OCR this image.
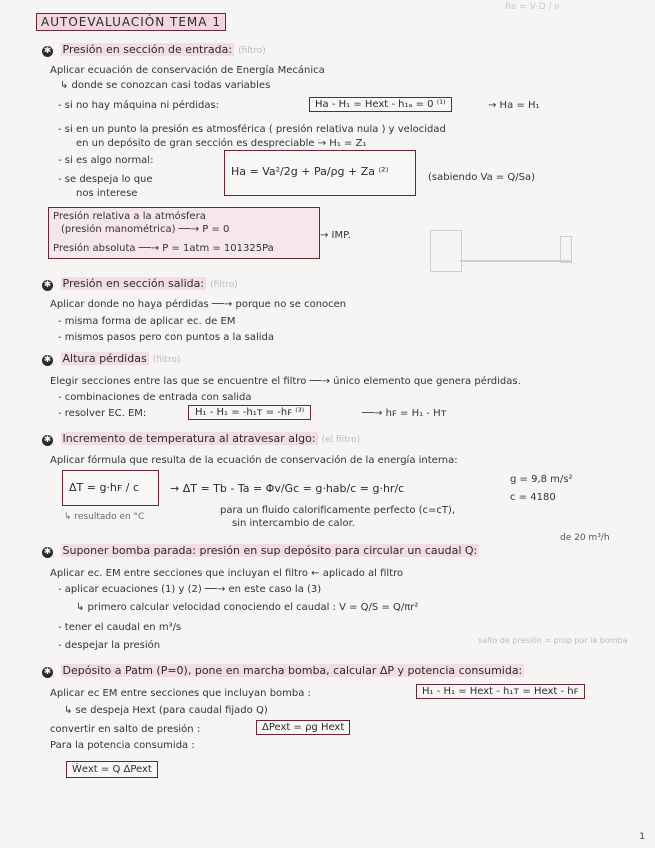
Re = V·D / ν
AUTOEVALUACIÓN TEMA 1
✱ Presión en sección de entrada: (filtro)
Aplicar ecuación de conservación de Energía Mecánica
↳ donde se conozcan casi todas variables
- si no hay máquina ni pérdidas:	Ha - H₁ = Hext - h₁ₐ = 0 ⁽¹⁾	→ Ha = H₁
- si en un punto la presión es atmosférica ( presión relativa nula ) y velocidad
en un depósito de gran sección es despreciable → H₁ = Z₁
- si es algo normal:
- se despeja lo que
nos interese
Ha = Va²/2g + Pa/ρg + Za ⁽²⁾	(sabiendo Va = Q/Sa)
Presión relativa a la atmósfera
(presión manométrica) ──→ P = 0
Presión absoluta ──→ P = 1atm = 101325Pa
→ IMP.
✱ Presión en sección salida: (filtro)
Aplicar donde no haya pérdidas ──→ porque no se conocen
- misma forma de aplicar ec. de EM
- mismos pasos pero con puntos a la salida
✱ Altura pérdidas (filtro)
Elegir secciones entre las que se encuentre el filtro ──→ único elemento que genera pérdidas.
- combinaciones de entrada con salida
- resolver EC. EM:	H₁ - H₁ = -h₁ᴛ = -hꜰ ⁽³⁾	──→ hꜰ = H₁ - Hᴛ
✱ Incremento de temperatura al atravesar algo: (el filtro)
Aplicar fórmula que resulta de la ecuación de conservación de la energía interna:
ΔT = g·hꜰ / c	→ ΔT = Tb - Ta = Φv/Gc = g·hab/c = g·hr/c
g = 9,8 m/s²
c = 4180
↳ resultado en °C
para un fluido calorificamente perfecto (c=cT),
sin intercambio de calor.
de 20 m³/h
✱ Suponer bomba parada: presión en sup depósito para circular un caudal Q:
Aplicar ec. EM entre secciones que incluyan el filtro ← aplicado al filtro
- aplicar ecuaciones (1) y (2) ──→ en este caso la (3)
↳ primero calcular velocidad conociendo el caudal : V = Q/S = Q/πr²
- tener el caudal en m³/s
- despejar la presión	salto de presión = prop por la bomba
✱ Depósito a Patm (P=0), pone en marcha bomba, calcular ΔP y potencia consumida:
Aplicar ec EM entre secciones que incluyan bomba :	H₁ - H₁ = Hext - h₁ᴛ = Hext - hꜰ
↳ se despeja Hext (para caudal fijado Q)
convertir en salto de presión :	ΔPext = ρg Hext
Para la potencia consumida :
Ẇext = Q ΔPext
1
